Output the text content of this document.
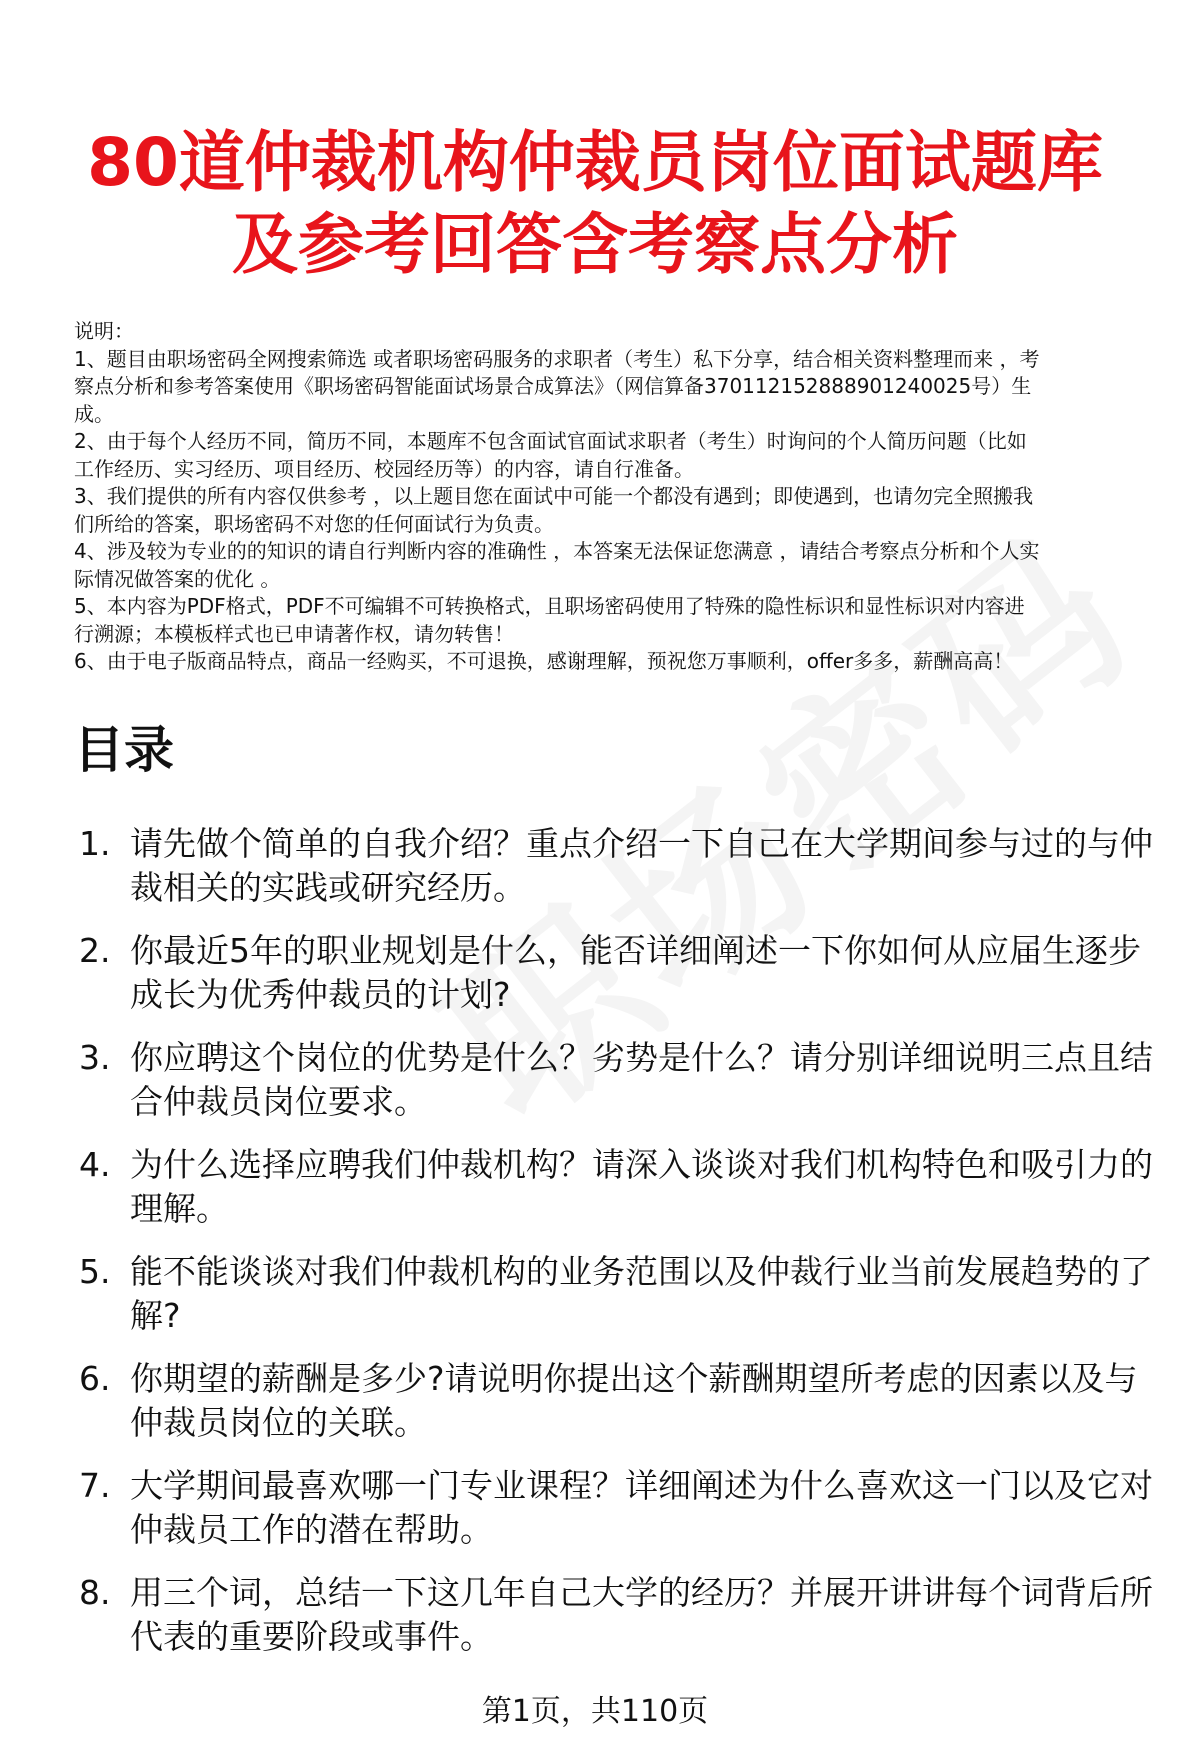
80道仲裁机构仲裁员岗位面试题库
及参考回答含考察点分析
说明：
1、题目由职场密码全网搜索筛选 或者职场密码服务的求职者（考生）私下分享，结合相关资料整理而来 ，考
察点分析和参考答案使用《职场密码智能面试场景合成算法》（网信算备370112152888901240025号）生
成。
2、由于每个人经历不同，简历不同，本题库不包含面试官面试求职者（考生）时询问的个人简历问题（比如
工作经历、实习经历、项目经历、校园经历等）的内容，请自行准备。
3、我们提供的所有内容仅供参考 ，以上题目您在面试中可能一个都没有遇到；即使遇到，也请勿完全照搬我
们所给的答案，职场密码不对您的任何面试行为负责。
4、涉及较为专业的的知识的请自行判断内容的准确性 ，本答案无法保证您满意 ，请结合考察点分析和个人实
际情况做答案的优化 。
5、本内容为PDF格式，PDF不可编辑不可转换格式，且职场密码使用了特殊的隐性标识和显性标识对内容进
行溯源；本模板样式也已申请著作权，请勿转售！
6、由于电子版商品特点，商品一经购买，不可退换，感谢理解，预祝您万事顺利，offer多多，薪酬高高！
目录
1. 请先做个简单的自我介绍？重点介绍一下自己在大学期间参与过的与仲裁相关的实践或研究经历。
2. 你最近5年的职业规划是什么，能否详细阐述一下你如何从应届生逐步成长为优秀仲裁员的计划?
3. 你应聘这个岗位的优势是什么？劣势是什么？请分别详细说明三点且结合仲裁员岗位要求。
4. 为什么选择应聘我们仲裁机构？请深入谈谈对我们机构特色和吸引力的理解。
5. 能不能谈谈对我们仲裁机构的业务范围以及仲裁行业当前发展趋势的了解?
6. 你期望的薪酬是多少?请说明你提出这个薪酬期望所考虑的因素以及与仲裁员岗位的关联。
7. 大学期间最喜欢哪一门专业课程？详细阐述为什么喜欢这一门以及它对仲裁员工作的潜在帮助。
8. 用三个词，总结一下这几年自己大学的经历？并展开讲讲每个词背后所代表的重要阶段或事件。
第1页，共110页
